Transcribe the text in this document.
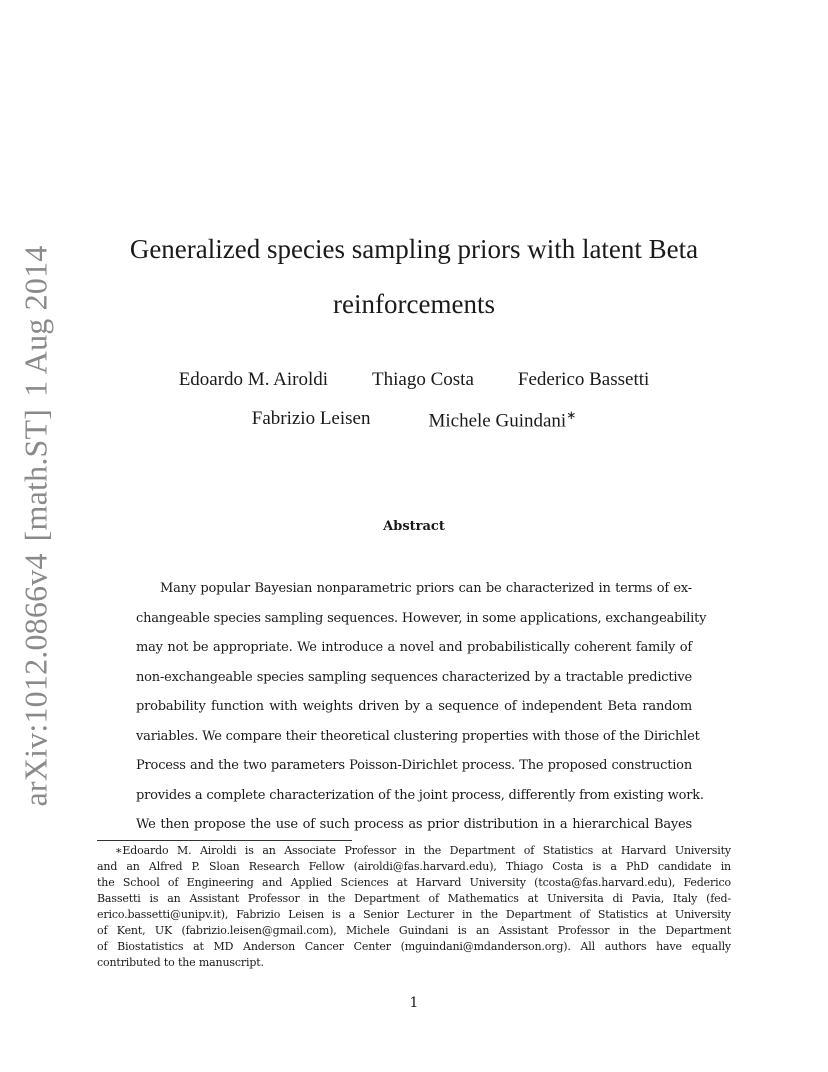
arXiv:1012.0866v4[math.ST]1 Aug 2014	Generalized species sampling priors with latent Beta
reinforcements
Edoardo M. Airoldi Thiago Costa Federico Bassetti
Fabrizio Leisen	Michele Guindani∗
Abstract
Many popular Bayesian nonparametric priors can be characterized in terms of ex-
changeable species sampling sequences. However, in some applications, exchangeability
may not be appropriate. We introduce a novel and probabilistically coherent family of
non-exchangeable species sampling sequences characterized by a tractable predictive
probability function with weights driven by a sequence of independent Beta random
variables. We compare their theoretical clustering properties with those of the Dirichlet
Process and the two parameters Poisson-Dirichlet process. The proposed construction
provides a complete characterization of the joint process, differently from existing work.
We then propose the use of such process as prior distribution in a hierarchical Bayes
∗Edoardo M. Airoldi is an Associate Professor in the Department of Statistics at Harvard University
and an Alfred P. Sloan Research Fellow (airoldi@fas.harvard.edu), Thiago Costa is a PhD candidate in
the School of Engineering and Applied Sciences at Harvard University (tcosta@fas.harvard.edu), Federico
Bassetti is an Assistant Professor in the Department of Mathematics at Universita di Pavia, Italy (fed-
erico.bassetti@unipv.it), Fabrizio Leisen is a Senior Lecturer in the Department of Statistics at University
of Kent, UK (fabrizio.leisen@gmail.com), Michele Guindani is an Assistant Professor in the Department
of Biostatistics at MD Anderson Cancer Center (mguindani@mdanderson.org). All authors have equally
contributed to the manuscript.
1
